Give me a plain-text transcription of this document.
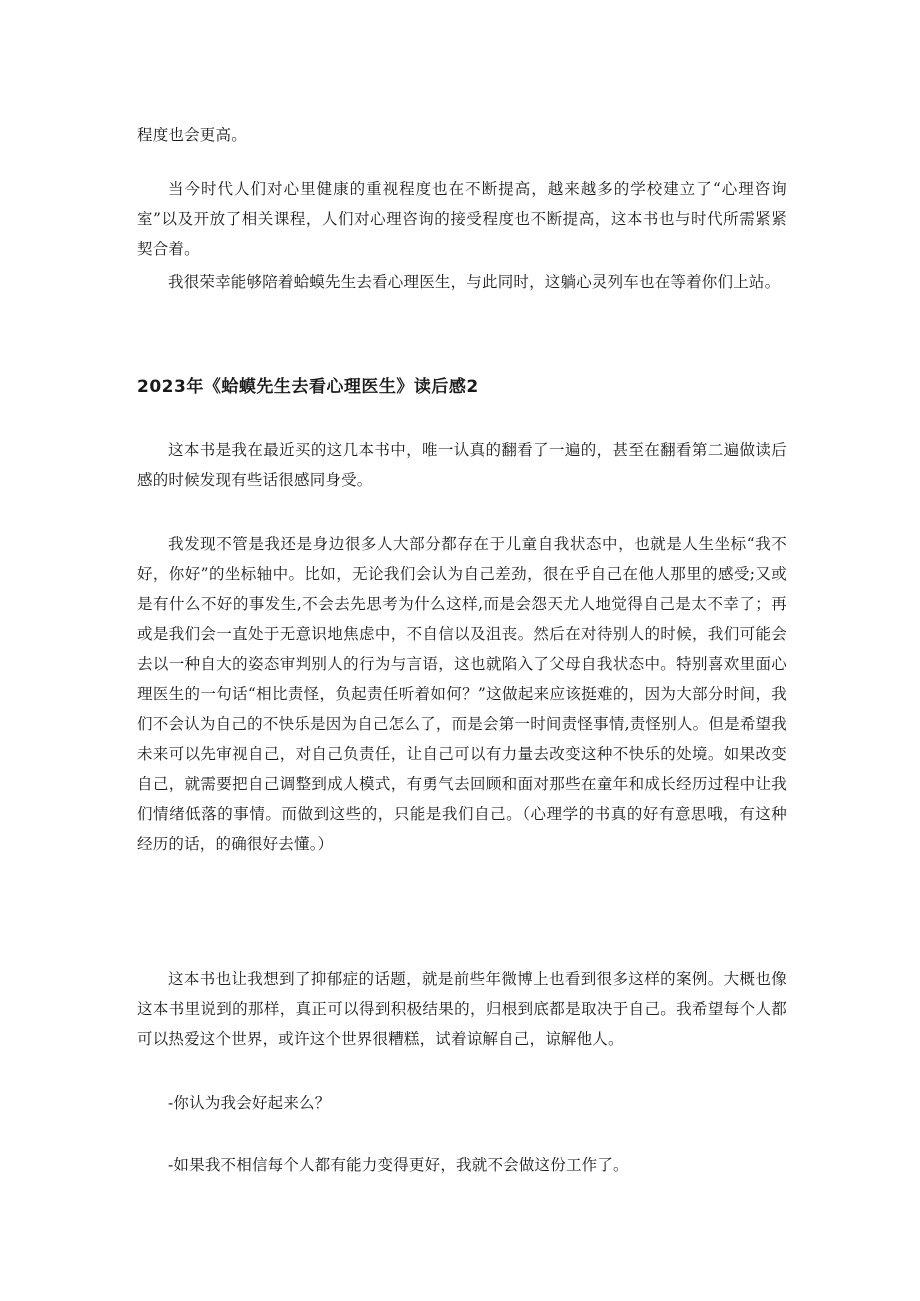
程度也会更高。

当今时代人们对心里健康的重视程度也在不断提高，越来越多的学校建立了“心理咨询室”以及开放了相关课程，人们对心理咨询的接受程度也不断提高，这本书也与时代所需紧紧契合着。

我很荣幸能够陪着蛤蟆先生去看心理医生，与此同时，这躺心灵列车也在等着你们上站。

2023年《蛤蟆先生去看心理医生》读后感2

这本书是我在最近买的这几本书中，唯一认真的翻看了一遍的，甚至在翻看第二遍做读后感的时候发现有些话很感同身受。

我发现不管是我还是身边很多人大部分都存在于儿童自我状态中，也就是人生坐标“我不好，你好”的坐标轴中。比如，无论我们会认为自己差劲，很在乎自己在他人那里的感受;又或是有什么不好的事发生,不会去先思考为什么这样,而是会怨天尤人地觉得自己是太不幸了；再或是我们会一直处于无意识地焦虑中，不自信以及沮丧。然后在对待别人的时候，我们可能会去以一种自大的姿态审判别人的行为与言语，这也就陷入了父母自我状态中。特别喜欢里面心理医生的一句话“相比责怪，负起责任听着如何？”这做起来应该挺难的，因为大部分时间，我们不会认为自己的不快乐是因为自己怎么了，而是会第一时间责怪事情,责怪别人。但是希望我未来可以先审视自己，对自己负责任，让自己可以有力量去改变这种不快乐的处境。如果改变自己，就需要把自己调整到成人模式，有勇气去回顾和面对那些在童年和成长经历过程中让我们情绪低落的事情。而做到这些的，只能是我们自己。（心理学的书真的好有意思哦，有这种经历的话，的确很好去懂。）

这本书也让我想到了抑郁症的话题，就是前些年微博上也看到很多这样的案例。大概也像这本书里说到的那样，真正可以得到积极结果的，归根到底都是取决于自己。我希望每个人都可以热爱这个世界，或许这个世界很糟糕，试着谅解自己，谅解他人。

-你认为我会好起来么？

-如果我不相信每个人都有能力变得更好，我就不会做这份工作了。
